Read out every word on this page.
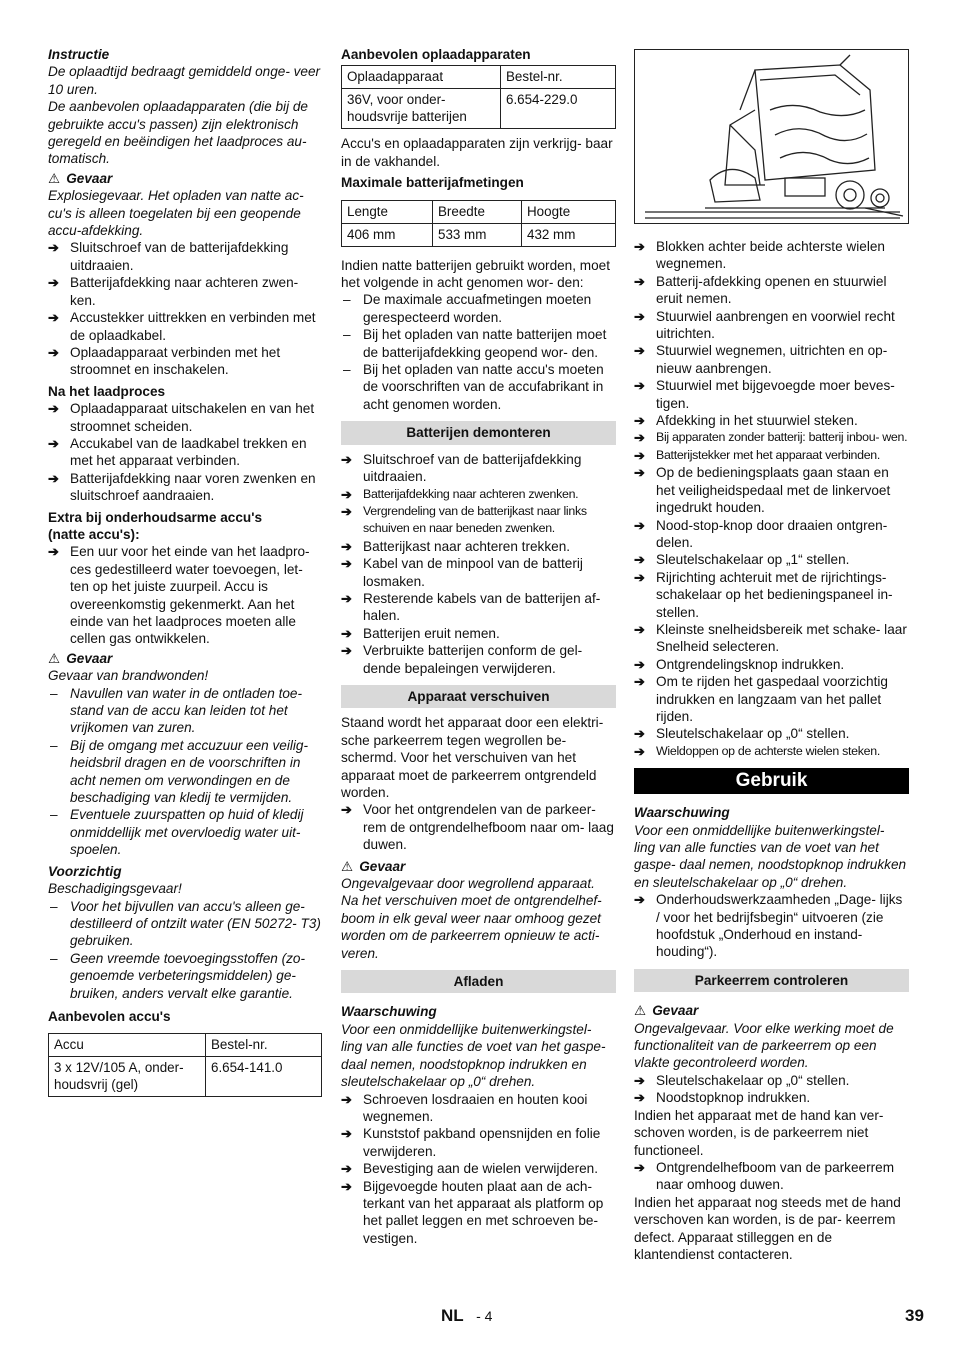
Instructie

De oplaadtijd bedraagt gemiddeld onge- veer 10 uren.

De aanbevolen oplaadapparaten (die bij de gebruikte accu's passen) zijn elektronisch geregeld en beëindigen het laadproces au- tomatisch.

⚠ Gevaar

Explosiegevaar. Het opladen van natte ac- cu's is alleen toegelaten bij een geopende accu-afdekking.

➔ Sluitschroef van de batterijafdekking uitdraaien.

➔ Batterijafdekking naar achteren zwen- ken.

➔ Accustekker uittrekken en verbinden met de oplaadkabel.

➔ Oplaadapparaat verbinden met het stroomnet en inschakelen.

Na het laadproces

➔ Oplaadapparaat uitschakelen en van het stroomnet scheiden.

➔ Accukabel van de laadkabel trekken en met het apparaat verbinden.

➔ Batterijafdekking naar voren zwenken en sluitschroef aandraaien.

Extra bij onderhoudsarme accu's

(natte accu's):

➔ Een uur voor het einde van het laadpro- ces gedestilleerd water toevoegen, let- ten op het juiste zuurpeil. Accu is overeenkomstig gekenmerkt. Aan het einde van het laadproces moeten alle cellen gas ontwikkelen.

⚠ Gevaar

Gevaar van brandwonden!

– Navullen van water in de ontladen toe- stand van de accu kan leiden tot het vrijkomen van zuren.

– Bij de omgang met accuzuur een veilig- heidsbril dragen en de voorschriften in acht nemen om verwondingen en de beschadiging van kledij te vermijden.

– Eventuele zuurspatten op huid of kledij onmiddellijk met overvloedig water uit- spoelen.

Voorzichtig

Beschadigingsgevaar!

– Voor het bijvullen van accu's alleen ge- destilleerd of ontzilt water (EN 50272- T3) gebruiken.

– Geen vreemde toevoegingsstoffen (zo- genoemde verbeteringsmiddelen) ge- bruiken, anders vervalt elke garantie.

Aanbevolen accu's

Accu	Bestel-nr.
3 x 12V/105 A, onder- houdsvrij (gel)	6.654-141.0

Aanbevolen oplaadapparaten

Oplaadapparaat	Bestel-nr.
36V, voor onder- houdsvrije batterijen	6.654-229.0

Accu's en oplaadapparaten zijn verkrijg- baar in de vakhandel.

Maximale batterijafmetingen

Lengte	Breedte	Hoogte
406 mm	533 mm	432 mm

Indien natte batterijen gebruikt worden, moet het volgende in acht genomen wor- den:

– De maximale accuafmetingen moeten gerespecteerd worden.

– Bij het opladen van natte batterijen moet de batterijafdekking geopend wor- den.

– Bij het opladen van natte accu's moeten de voorschriften van de accufabrikant in acht genomen worden.

Batterijen demonteren

➔ Sluitschroef van de batterijafdekking uitdraaien.

➔ Batterijafdekking naar achteren zwenken.

➔ Vergrendeling van de batterijkast naar links schuiven en naar beneden zwenken.

➔ Batterijkast naar achteren trekken.

➔ Kabel van de minpool van de batterij losmaken.

➔ Resterende kabels van de batterijen af- halen.

➔ Batterijen eruit nemen.

➔ Verbruikte batterijen conform de gel- dende bepaleingen verwijderen.

Apparaat verschuiven

Staand wordt het apparaat door een elektri- sche parkeerrem tegen wegrollen be- schermd. Voor het verschuiven van het apparaat moet de parkeerrem ontgrendeld worden.

➔ Voor het ontgrendelen van de parkeer- rem de ontgrendelhefboom naar om- laag duwen.

⚠ Gevaar

Ongevalgevaar door wegrollend apparaat. Na het verschuiven moet de ontgrendelhef- boom in elk geval weer naar omhoog gezet worden om de parkeerrem opnieuw te acti- veren.

Afladen

Waarschuwing

Voor een onmiddellijke buitenwerkingstel- ling van alle functies de voet van het gaspe- daal nemen, noodstopknop indrukken en sleutelschakelaar op „0“ drehen.

➔ Schroeven losdraaien en houten kooi wegnemen.

➔ Kunststof pakband opensnijden en folie verwijderen.

➔ Bevestiging aan de wielen verwijderen.

➔ Bijgevoegde houten plaat aan de ach- terkant van het apparaat als platform op het pallet leggen en met schroeven be- vestigen.

➔ Blokken achter beide achterste wielen wegnemen.

➔ Batterij-afdekking openen en stuurwiel eruit nemen.

➔ Stuurwiel aanbrengen en voorwiel recht uitrichten.

➔ Stuurwiel wegnemen, uitrichten en op- nieuw aanbrengen.

➔ Stuurwiel met bijgevoegde moer beves- tigen.

➔ Afdekking in het stuurwiel steken.

➔ Bij apparaten zonder batterij: batterij inbou- wen.

➔ Batterijstekker met het apparaat verbinden.

➔ Op de bedieningsplaats gaan staan en het veiligheidspedaal met de linkervoet ingedrukt houden.

➔ Nood-stop-knop door draaien ontgren- delen.

➔ Sleutelschakelaar op „1“ stellen.

➔ Rijrichting achteruit met de rijrichtings- schakelaar op het bedieningspaneel in- stellen.

➔ Kleinste snelheidsbereik met schake- laar Snelheid selecteren.

➔ Ontgrendelingsknop indrukken.

➔ Om te rijden het gaspedaal voorzichtig indrukken en langzaam van het pallet rijden.

➔ Sleutelschakelaar op „0“ stellen.

➔ Wieldoppen op de achterste wielen steken.

Gebruik

Waarschuwing

Voor een onmiddellijke buitenwerkingstel- ling van alle functies van de voet van het gaspe- daal nemen, noodstopknop indrukken en sleutelschakelaar op „0“ drehen.

➔ Onderhoudswerkzaamheden „Dage- lijks / voor het bedrijfsbegin“ uitvoeren (zie hoofdstuk „Onderhoud en instand- houding“).

Parkeerrem controleren

⚠ Gevaar

Ongevalgevaar. Voor elke werking moet de functionaliteit van de parkeerrem op een vlakte gecontroleerd worden.

➔ Sleutelschakelaar op „0“ stellen.

➔ Noodstopknop indrukken.

Indien het apparaat met de hand kan ver- schoven worden, is de parkeerrem niet functioneel.

➔ Ontgrendelhefboom van de parkeerrem naar omhoog duwen.

Indien het apparaat nog steeds met de hand verschoven kan worden, is de par- keerrem defect. Apparaat stilleggen en de klantendienst contacteren.

NL - 4	39
